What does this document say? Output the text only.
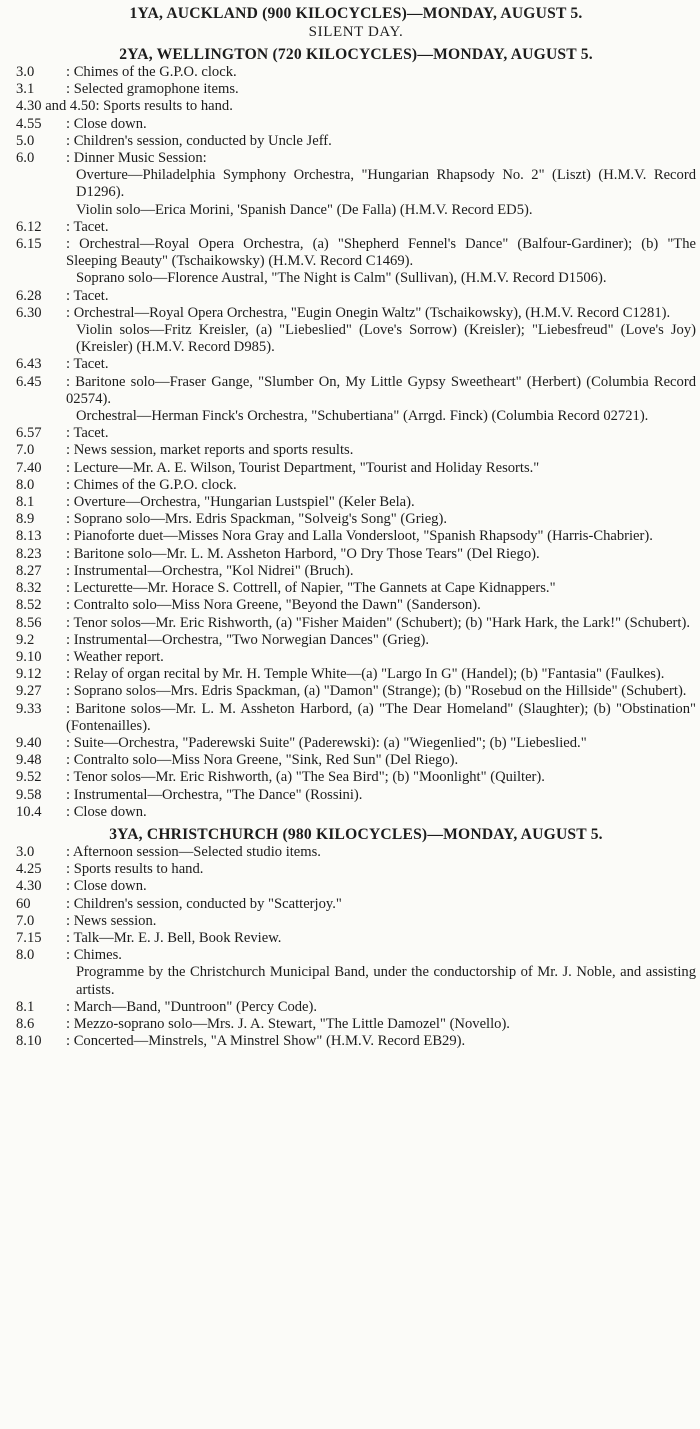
1YA, AUCKLAND (900 KILOCYCLES)—MONDAY, AUGUST 5.
SILENT DAY.
2YA, WELLINGTON (720 KILOCYCLES)—MONDAY, AUGUST 5.
3.0	: Chimes of the G.P.O. clock.
3.1	: Selected gramophone items.
4.30 and 4.50 : Sports results to hand.
4.55	: Close down.
5.0	: Children's session, conducted by Uncle Jeff.
6.0	: Dinner Music Session:
Overture—Philadelphia Symphony Orchestra, "Hungarian Rhapsody No. 2" (Liszt) (H.M.V. Record D1296).
Violin solo—Erica Morini, 'Spanish Dance" (De Falla) (H.M.V. Record ED5).
6.12	: Tacet.
6.15	: Orchestral—Royal Opera Orchestra, (a) "Shepherd Fennel's Dance" (Balfour-Gardiner); (b) "The Sleeping Beauty" (Tschaikowsky) (H.M.V. Record C1469).
Soprano solo—Florence Austral, "The Night is Calm" (Sullivan), (H.M.V. Record D1506).
6.28	: Tacet.
6.30	: Orchestral—Royal Opera Orchestra, "Eugin Onegin Waltz" (Tschaikowsky), (H.M.V. Record C1281).
Violin solos—Fritz Kreisler, (a) "Liebeslied" (Love's Sorrow) (Kreisler); "Liebesfreud" (Love's Joy) (Kreisler) (H.M.V. Record D985).
6.43	: Tacet.
6.45	: Baritone solo—Fraser Gange, "Slumber On, My Little Gypsy Sweetheart" (Herbert) (Columbia Record 02574).
Orchestral—Herman Finck's Orchestra, "Schubertiana" (Arrgd. Finck) (Columbia Record 02721).
6.57	: Tacet.
7.0	: News session, market reports and sports results.
7.40	: Lecture—Mr. A. E. Wilson, Tourist Department, "Tourist and Holiday Resorts."
8.0	: Chimes of the G.P.O. clock.
8.1	: Overture—Orchestra, "Hungarian Lustspiel" (Keler Bela).
8.9	: Soprano solo—Mrs. Edris Spackman, "Solveig's Song" (Grieg).
8.13	: Pianoforte duet—Misses Nora Gray and Lalla Vondersloot, "Spanish Rhapsody" (Harris-Chabrier).
8.23	: Baritone solo—Mr. L. M. Assheton Harbord, "O Dry Those Tears" (Del Riego).
8.27	: Instrumental—Orchestra, "Kol Nidrei" (Bruch).
8.32	: Lecturette—Mr. Horace S. Cottrell, of Napier, "The Gannets at Cape Kidnappers."
8.52	: Contralto solo—Miss Nora Greene, "Beyond the Dawn" (Sanderson).
8.56	: Tenor solos—Mr. Eric Rishworth, (a) "Fisher Maiden" (Schubert); (b) "Hark Hark, the Lark!" (Schubert).
9.2	: Instrumental—Orchestra, "Two Norwegian Dances" (Grieg).
9.10	: Weather report.
9.12	: Relay of organ recital by Mr. H. Temple White—(a) "Largo In G" (Handel); (b) "Fantasia" (Faulkes).
9.27	: Soprano solos—Mrs. Edris Spackman, (a) "Damon" (Strange); (b) "Rosebud on the Hillside" (Schubert).
9.33	: Baritone solos—Mr. L. M. Assheton Harbord, (a) "The Dear Homeland" (Slaughter); (b) "Obstination" (Fontenailles).
9.40	: Suite—Orchestra, "Paderewski Suite" (Paderewski): (a) "Wiegenlied"; (b) "Liebeslied."
9.48	: Contralto solo—Miss Nora Greene, "Sink, Red Sun" (Del Riego).
9.52	: Tenor solos—Mr. Eric Rishworth, (a) "The Sea Bird"; (b) "Moonlight" (Quilter).
9.58	: Instrumental—Orchestra, "The Dance" (Rossini).
10.4	: Close down.
3YA, CHRISTCHURCH (980 KILOCYCLES)—MONDAY, AUGUST 5.
3.0	: Afternoon session—Selected studio items.
4.25	: Sports results to hand.
4.30	: Close down.
60	: Children's session, conducted by "Scatterjoy."
7.0	: News session.
7.15	: Talk—Mr. E. J. Bell, Book Review.
8.0	: Chimes.
Programme by the Christchurch Municipal Band, under the conductorship of Mr. J. Noble, and assisting artists.
8.1	: March—Band, "Duntroon" (Percy Code).
8.6	: Mezzo-soprano solo—Mrs. J. A. Stewart, "The Little Damozel" (Novello).
8.10	: Concerted—Minstrels, "A Minstrel Show" (H.M.V. Record EB29).
